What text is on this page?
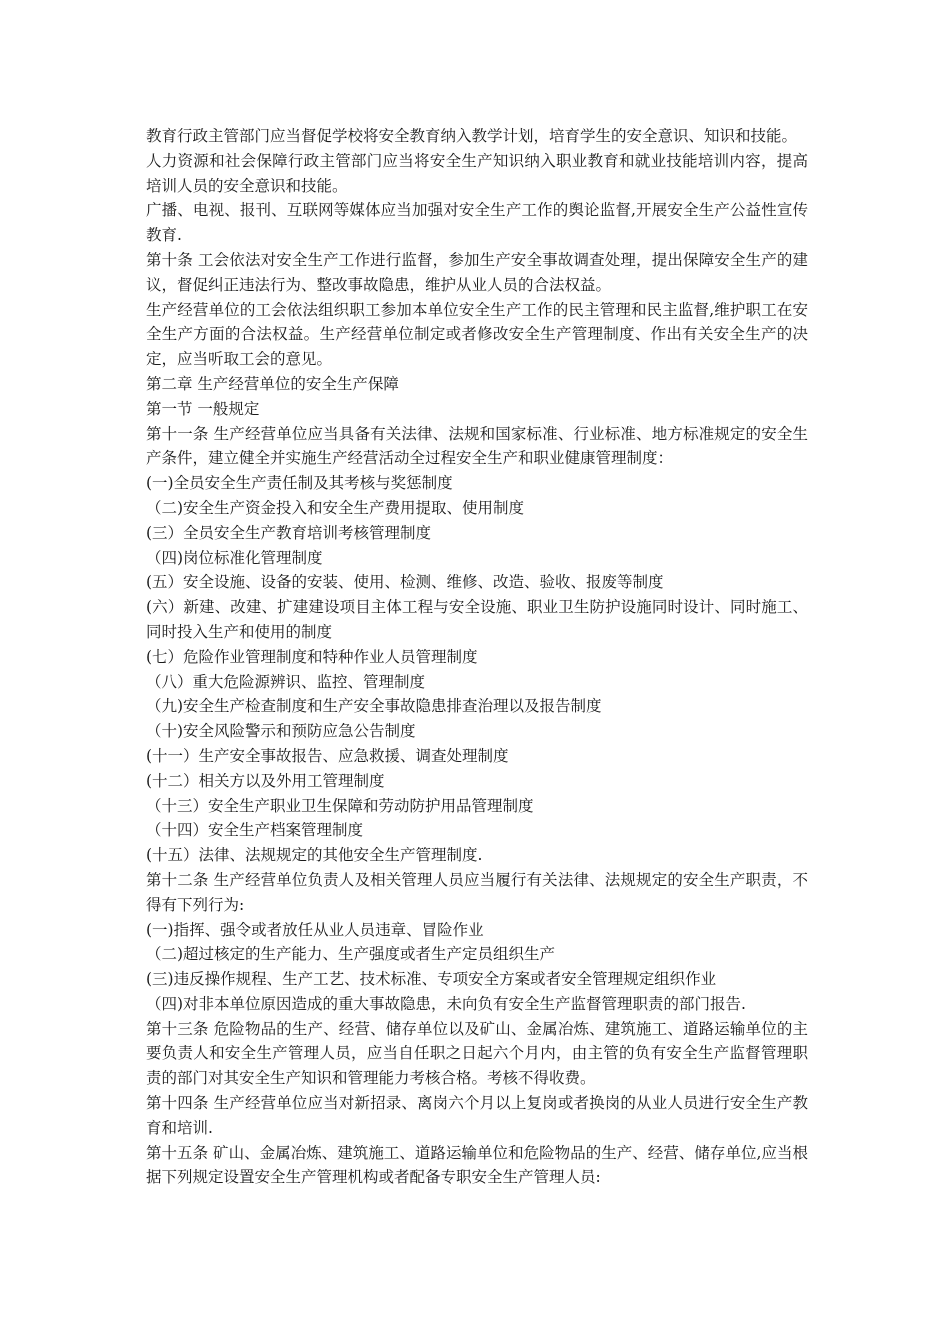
教育行政主管部门应当督促学校将安全教育纳入教学计划，培育学生的安全意识、知识和技能。

人力资源和社会保障行政主管部门应当将安全生产知识纳入职业教育和就业技能培训内容，提高培训人员的安全意识和技能。

广播、电视、报刊、互联网等媒体应当加强对安全生产工作的舆论监督,开展安全生产公益性宣传教育.

第十条 工会依法对安全生产工作进行监督，参加生产安全事故调查处理，提出保障安全生产的建议，督促纠正违法行为、整改事故隐患，维护从业人员的合法权益。

生产经营单位的工会依法组织职工参加本单位安全生产工作的民主管理和民主监督,维护职工在安全生产方面的合法权益。生产经营单位制定或者修改安全生产管理制度、作出有关安全生产的决定，应当听取工会的意见。

第二章 生产经营单位的安全生产保障

第一节 一般规定

第十一条 生产经营单位应当具备有关法律、法规和国家标准、行业标准、地方标准规定的安全生产条件，建立健全并实施生产经营活动全过程安全生产和职业健康管理制度：

(一)全员安全生产责任制及其考核与奖惩制度

（二)安全生产资金投入和安全生产费用提取、使用制度

(三）全员安全生产教育培训考核管理制度

（四)岗位标准化管理制度

(五）安全设施、设备的安装、使用、检测、维修、改造、验收、报废等制度

(六）新建、改建、扩建建设项目主体工程与安全设施、职业卫生防护设施同时设计、同时施工、同时投入生产和使用的制度

(七）危险作业管理制度和特种作业人员管理制度

（八）重大危险源辨识、监控、管理制度

（九)安全生产检查制度和生产安全事故隐患排查治理以及报告制度

（十)安全风险警示和预防应急公告制度

(十一）生产安全事故报告、应急救援、调查处理制度

(十二）相关方以及外用工管理制度

（十三）安全生产职业卫生保障和劳动防护用品管理制度

（十四）安全生产档案管理制度

(十五）法律、法规规定的其他安全生产管理制度.

第十二条 生产经营单位负责人及相关管理人员应当履行有关法律、法规规定的安全生产职责，不得有下列行为:

(一)指挥、强令或者放任从业人员违章、冒险作业

（二)超过核定的生产能力、生产强度或者生产定员组织生产

(三)违反操作规程、生产工艺、技术标准、专项安全方案或者安全管理规定组织作业

（四)对非本单位原因造成的重大事故隐患，未向负有安全生产监督管理职责的部门报告.

第十三条 危险物品的生产、经营、储存单位以及矿山、金属冶炼、建筑施工、道路运输单位的主要负责人和安全生产管理人员，应当自任职之日起六个月内，由主管的负有安全生产监督管理职责的部门对其安全生产知识和管理能力考核合格。考核不得收费。

第十四条 生产经营单位应当对新招录、离岗六个月以上复岗或者换岗的从业人员进行安全生产教育和培训.

第十五条 矿山、金属冶炼、建筑施工、道路运输单位和危险物品的生产、经营、储存单位,应当根据下列规定设置安全生产管理机构或者配备专职安全生产管理人员:
